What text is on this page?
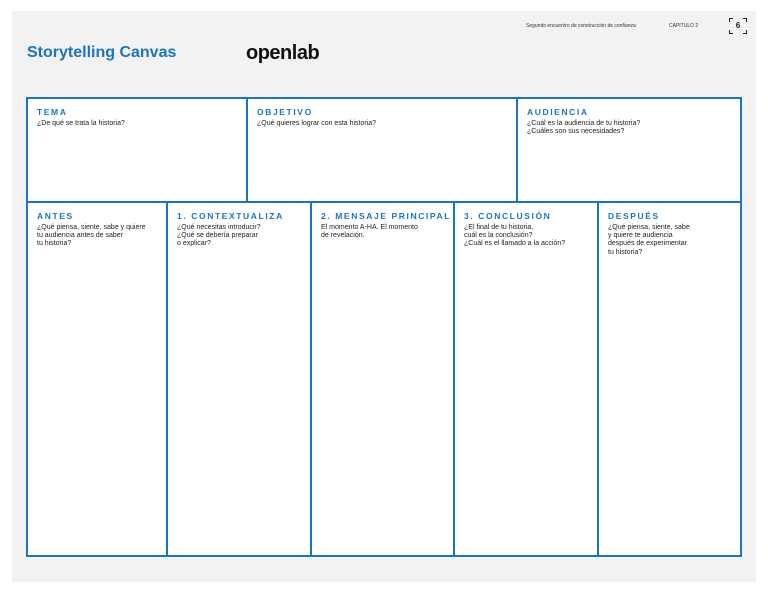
Storytelling Canvas	openlab
Segundo encuentro de construcción de confianza	CAPITULO 2	6
TEMA
¿De qué se trata la historia?
OBJETIVO
¿Qué quieres lograr con esta historia?
AUDIENCIA
¿Cuál es la audiencia de tu historia?
¿Cuáles son sus necesidades?
ANTES
¿Qué piensa, siente, sabe y quiere
tu audiencia antes de saber
tu historia?
1. CONTEXTUALIZA
¿Qué necesitas introducir?
¿Qué se debería preparar
o explicar?
2. MENSAJE PRINCIPAL
El momento A-HA. El momento
de revelación.
3. CONCLUSIÓN
¿El final de tu historia,
cuál es la conclusión?
¿Cuál es el llamado a la acción?
DESPUÉS
¿Qué piensa, siente, sabe
y quiere te audiencia
después de experimentar
tu historia?
